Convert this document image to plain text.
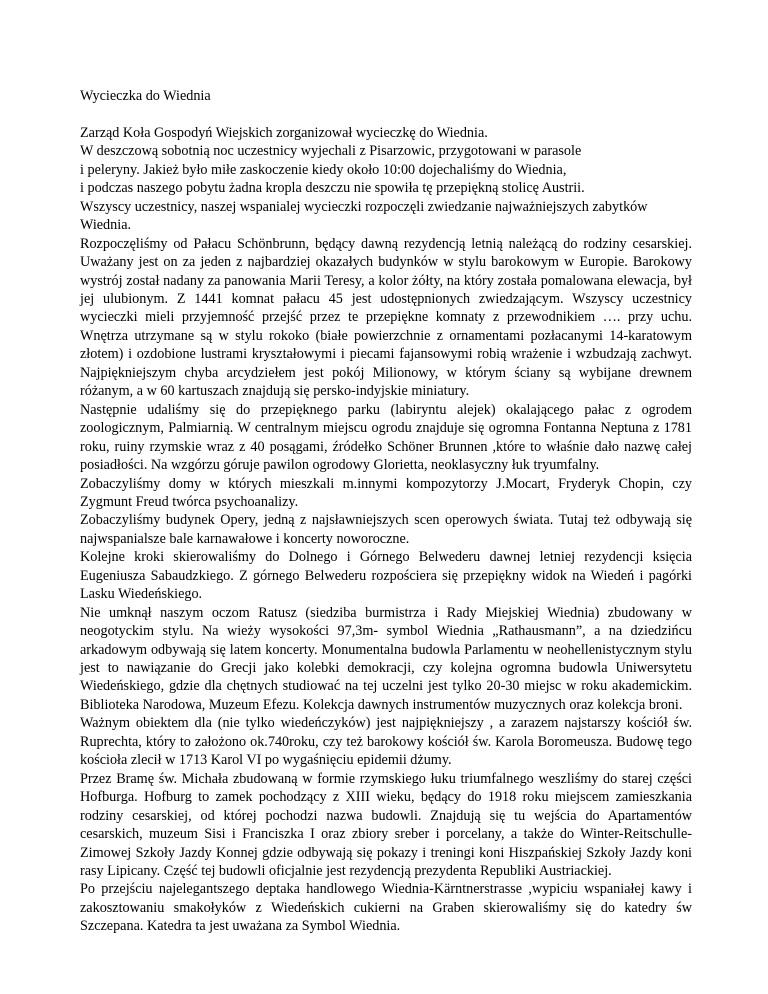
Wycieczka do Wiednia

Zarząd Koła Gospodyń Wiejskich zorganizował wycieczkę do Wiednia.

W deszczową sobotnią noc uczestnicy wyjechali z Pisarzowic, przygotowani w parasole

i peleryny. Jakież było miłe zaskoczenie kiedy około 10:00 dojechaliśmy do Wiednia,

i podczas naszego pobytu żadna kropla deszczu nie spowiła tę przepiękną stolicę Austrii.

Wszyscy uczestnicy, naszej wspanialej wycieczki rozpoczęli zwiedzanie najważniejszych zabytków Wiednia.

Rozpoczęliśmy od Pałacu Schönbrunn, będący dawną rezydencją letnią należącą do rodziny cesarskiej. Uważany jest on za jeden z najbardziej okazałych budynków w stylu barokowym w Europie. Barokowy wystrój został nadany za panowania Marii Teresy, a kolor żółty, na który została pomalowana elewacja, był jej ulubionym. Z 1441 komnat pałacu 45 jest udostępnionych zwiedzającym. Wszyscy uczestnicy wycieczki mieli przyjemność przejść przez te przepiękne komnaty z przewodnikiem …. przy uchu. Wnętrza utrzymane są w stylu rokoko (białe powierzchnie z ornamentami pozłacanymi 14-karatowym złotem) i ozdobione lustrami kryształowymi i piecami fajansowymi robią wrażenie i wzbudzają zachwyt. Najpiękniejszym chyba arcydziełem jest pokój Milionowy, w którym ściany są wybijane drewnem różanym, a w 60 kartuszach znajdują się persko-indyjskie miniatury.

Następnie udaliśmy się do przepięknego parku (labiryntu alejek) okalającego pałac z ogrodem zoologicznym, Palmiarnią. W centralnym miejscu ogrodu znajduje się ogromna Fontanna Neptuna z 1781 roku, ruiny rzymskie wraz z 40 posągami, źródełko Schöner Brunnen ,które to właśnie dało nazwę całej posiadłości. Na wzgórzu góruje pawilon ogrodowy Glorietta, neoklasyczny łuk tryumfalny.

Zobaczyliśmy domy w których mieszkali m.innymi kompozytorzy J.Mocart, Fryderyk Chopin, czy Zygmunt Freud twórca psychoanalizy.

Zobaczyliśmy budynek Opery, jedną z najsławniejszych scen operowych świata. Tutaj też odbywają się najwspanialsze bale karnawałowe i koncerty noworoczne.

Kolejne kroki skierowaliśmy do Dolnego i Górnego Belwederu dawnej letniej rezydencji księcia Eugeniusza Sabaudzkiego. Z górnego Belwederu rozpościera się przepiękny widok na Wiedeń i pagórki Lasku Wiedeńskiego.

Nie umknął naszym oczom Ratusz (siedziba burmistrza i Rady Miejskiej Wiednia) zbudowany w neogotyckim stylu. Na wieży wysokości 97,3m- symbol Wiednia „Rathausmann”, a na dziedzińcu arkadowym odbywają się latem koncerty. Monumentalna budowla Parlamentu w neohellenistycznym stylu jest to nawiązanie do Grecji jako kolebki demokracji, czy kolejna ogromna budowla Uniwersytetu Wiedeńskiego, gdzie dla chętnych studiować na tej uczelni jest tylko 20-30 miejsc w roku akademickim. Biblioteka Narodowa, Muzeum Efezu. Kolekcja dawnych instrumentów muzycznych oraz kolekcja broni.

Ważnym obiektem dla (nie tylko wiedeńczyków) jest najpiękniejszy , a zarazem najstarszy kościół św. Ruprechta, który to założono ok.740roku, czy też barokowy kościół św. Karola Boromeusza. Budowę tego kościoła zlecił w 1713 Karol VI po wygaśnięciu epidemii dżumy.

Przez Bramę św. Michała zbudowaną w formie rzymskiego łuku triumfalnego weszliśmy do starej części Hofburga. Hofburg to zamek pochodzący z XIII wieku, będący do 1918 roku miejscem zamieszkania rodziny cesarskiej, od której pochodzi nazwa budowli. Znajdują się tu wejścia do Apartamentów cesarskich, muzeum Sisi i Franciszka I oraz zbiory sreber i porcelany, a także do Winter-Reitschulle-Zimowej Szkoły Jazdy Konnej gdzie odbywają się pokazy i treningi koni Hiszpańskiej Szkoły Jazdy koni rasy Lipicany. Część tej budowli oficjalnie jest rezydencją prezydenta Republiki Austriackiej.

Po przejściu najelegantszego deptaka handlowego Wiednia-Kärntnerstrasse ,wypiciu wspaniałej kawy i zakosztowaniu smakołyków z Wiedeńskich cukierni na Graben skierowaliśmy się do katedry św Szczepana. Katedra ta jest uważana za Symbol Wiednia.
